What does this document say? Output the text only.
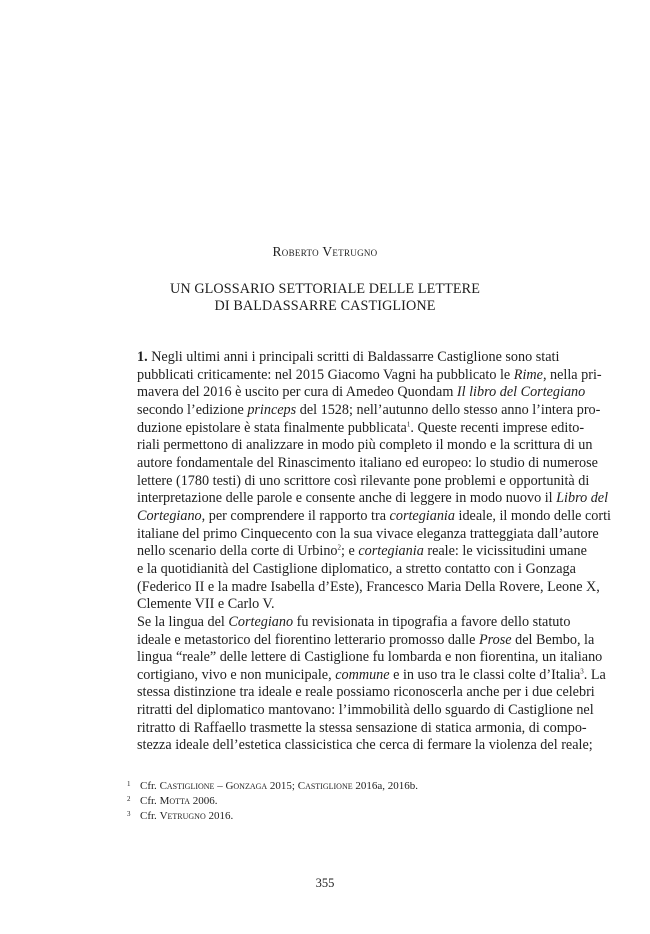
Roberto Vetrugno
UN GLOSSARIO SETTORIALE DELLE LETTERE
DI BALDASSARRE CASTIGLIONE

1. Negli ultimi anni i principali scritti di Baldassarre Castiglione sono stati
pubblicati criticamente: nel 2015 Giacomo Vagni ha pubblicato le Rime, nella pri-
mavera del 2016 è uscito per cura di Amedeo Quondam Il libro del Cortegiano
secondo l’edizione princeps del 1528; nell’autunno dello stesso anno l’intera pro-
duzione epistolare è stata finalmente pubblicata$^1$. Queste recenti imprese edito-
riali permettono di analizzare in modo più completo il mondo e la scrittura di un
autore fondamentale del Rinascimento italiano ed europeo: lo studio di numerose
lettere (1780 testi) di uno scrittore così rilevante pone problemi e opportunità di
interpretazione delle parole e consente anche di leggere in modo nuovo il Libro del
Cortegiano, per comprendere il rapporto tra cortegiania ideale, il mondo delle corti
italiane del primo Cinquecento con la sua vivace eleganza tratteggiata dall’autore
nello scenario della corte di Urbino$^2$; e cortegiania reale: le vicissitudini umane
e la quotidianità del Castiglione diplomatico, a stretto contatto con i Gonzaga
(Federico II e la madre Isabella d’Este), Francesco Maria Della Rovere, Leone X,
Clemente VII e Carlo V.

Se la lingua del Cortegiano fu revisionata in tipografia a favore dello statuto
ideale e metastorico del fiorentino letterario promosso dalle Prose del Bembo, la
lingua “reale” delle lettere di Castiglione fu lombarda e non fiorentina, un italiano
cortigiano, vivo e non municipale, commune e in uso tra le classi colte d’Italia$^3$. La
stessa distinzione tra ideale e reale possiamo riconoscerla anche per i due celebri
ritratti del diplomatico mantovano: l’immobilità dello sguardo di Castiglione nel
ritratto di Raffaello trasmette la stessa sensazione di statica armonia, di compo-
stezza ideale dell’estetica classicistica che cerca di fermare la violenza del reale;

1 Cfr. Castiglione – Gonzaga 2015; Castiglione 2016a, 2016b.
2 Cfr. Motta 2006.
3 Cfr. Vetrugno 2016.
355
